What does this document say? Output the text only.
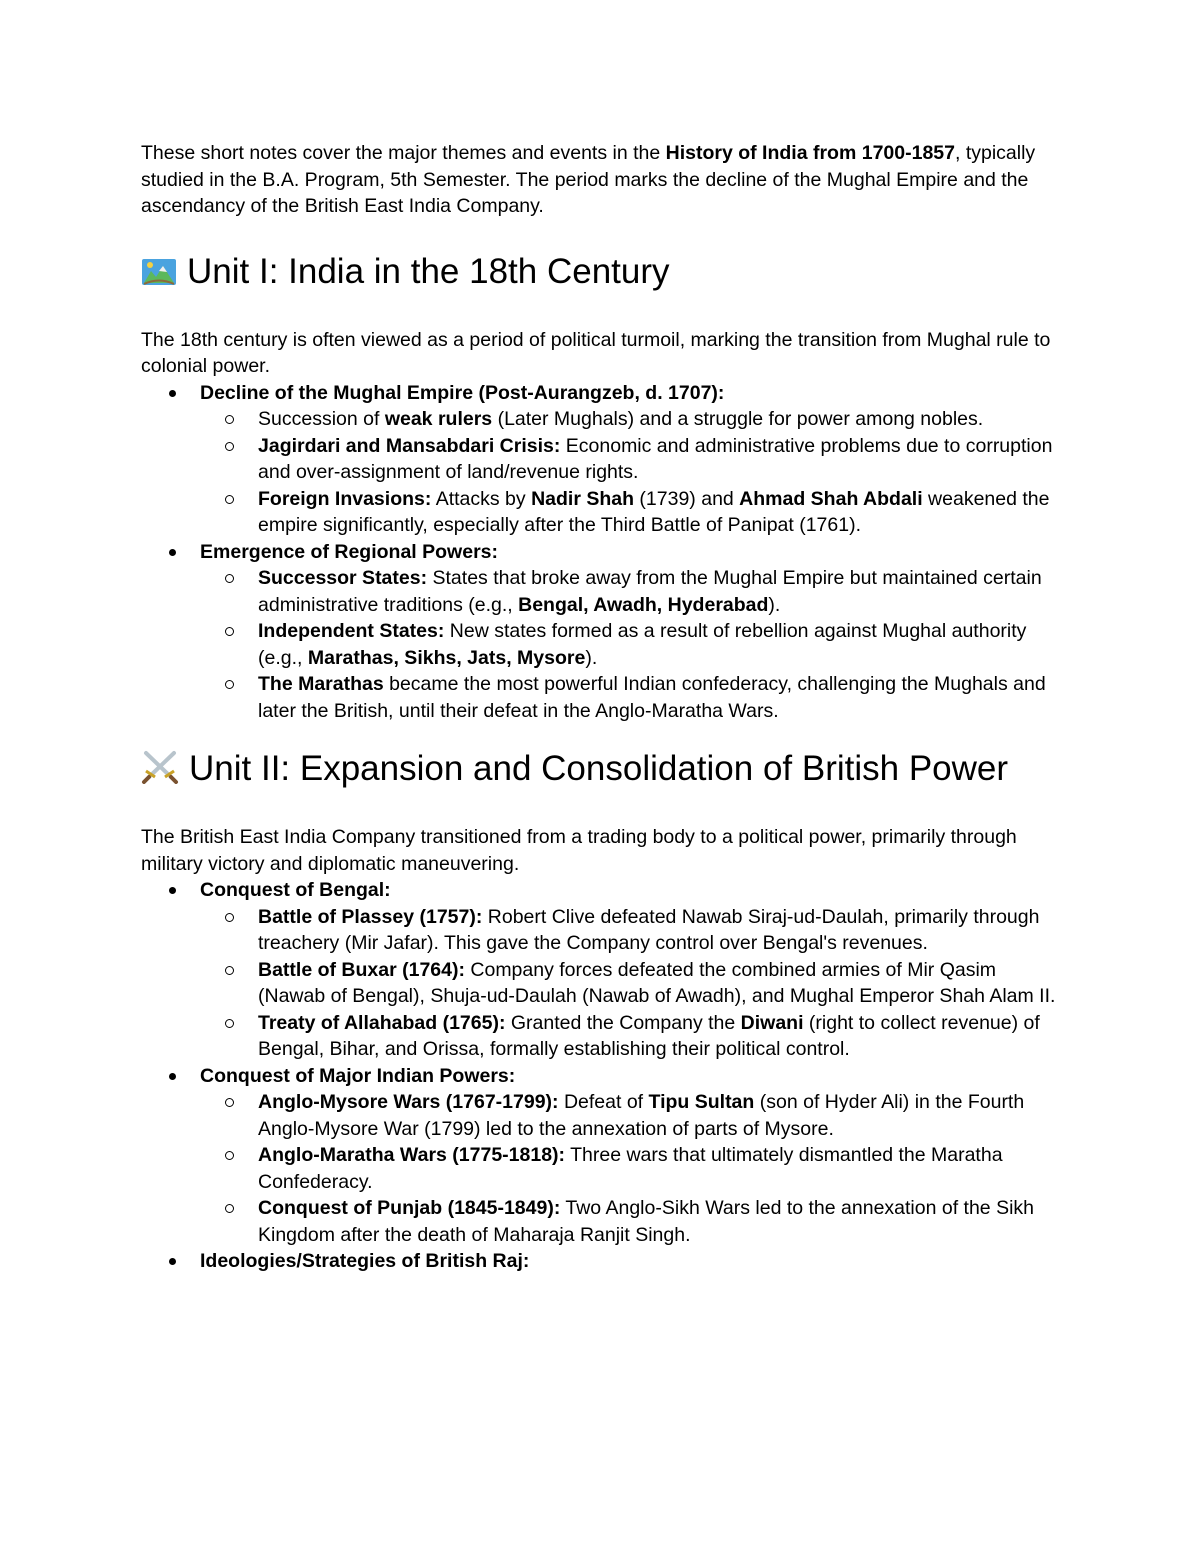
These short notes cover the major themes and events in the History of India from 1700-1857, typically studied in the B.A. Program, 5th Semester. The period marks the decline of the Mughal Empire and the ascendancy of the British East India Company.

Unit I: India in the 18th Century

The 18th century is often viewed as a period of political turmoil, marking the transition from Mughal rule to colonial power.

Decline of the Mughal Empire (Post-Aurangzeb, d. 1707):
Succession of weak rulers (Later Mughals) and a struggle for power among nobles.
Jagirdari and Mansabdari Crisis: Economic and administrative problems due to corruption and over-assignment of land/revenue rights.
Foreign Invasions: Attacks by Nadir Shah (1739) and Ahmad Shah Abdali weakened the empire significantly, especially after the Third Battle of Panipat (1761).
Emergence of Regional Powers:
Successor States: States that broke away from the Mughal Empire but maintained certain administrative traditions (e.g., Bengal, Awadh, Hyderabad).
Independent States: New states formed as a result of rebellion against Mughal authority (e.g., Marathas, Sikhs, Jats, Mysore).
The Marathas became the most powerful Indian confederacy, challenging the Mughals and later the British, until their defeat in the Anglo-Maratha Wars.
Unit II: Expansion and Consolidation of British Power

The British East India Company transitioned from a trading body to a political power, primarily through military victory and diplomatic maneuvering.

Conquest of Bengal:
Battle of Plassey (1757): Robert Clive defeated Nawab Siraj-ud-Daulah, primarily through treachery (Mir Jafar). This gave the Company control over Bengal's revenues.
Battle of Buxar (1764): Company forces defeated the combined armies of Mir Qasim (Nawab of Bengal), Shuja-ud-Daulah (Nawab of Awadh), and Mughal Emperor Shah Alam II.
Treaty of Allahabad (1765): Granted the Company the Diwani (right to collect revenue) of Bengal, Bihar, and Orissa, formally establishing their political control.
Conquest of Major Indian Powers:
Anglo-Mysore Wars (1767-1799): Defeat of Tipu Sultan (son of Hyder Ali) in the Fourth Anglo-Mysore War (1799) led to the annexation of parts of Mysore.
Anglo-Maratha Wars (1775-1818): Three wars that ultimately dismantled the Maratha Confederacy.
Conquest of Punjab (1845-1849): Two Anglo-Sikh Wars led to the annexation of the Sikh Kingdom after the death of Maharaja Ranjit Singh.
Ideologies/Strategies of British Raj:
